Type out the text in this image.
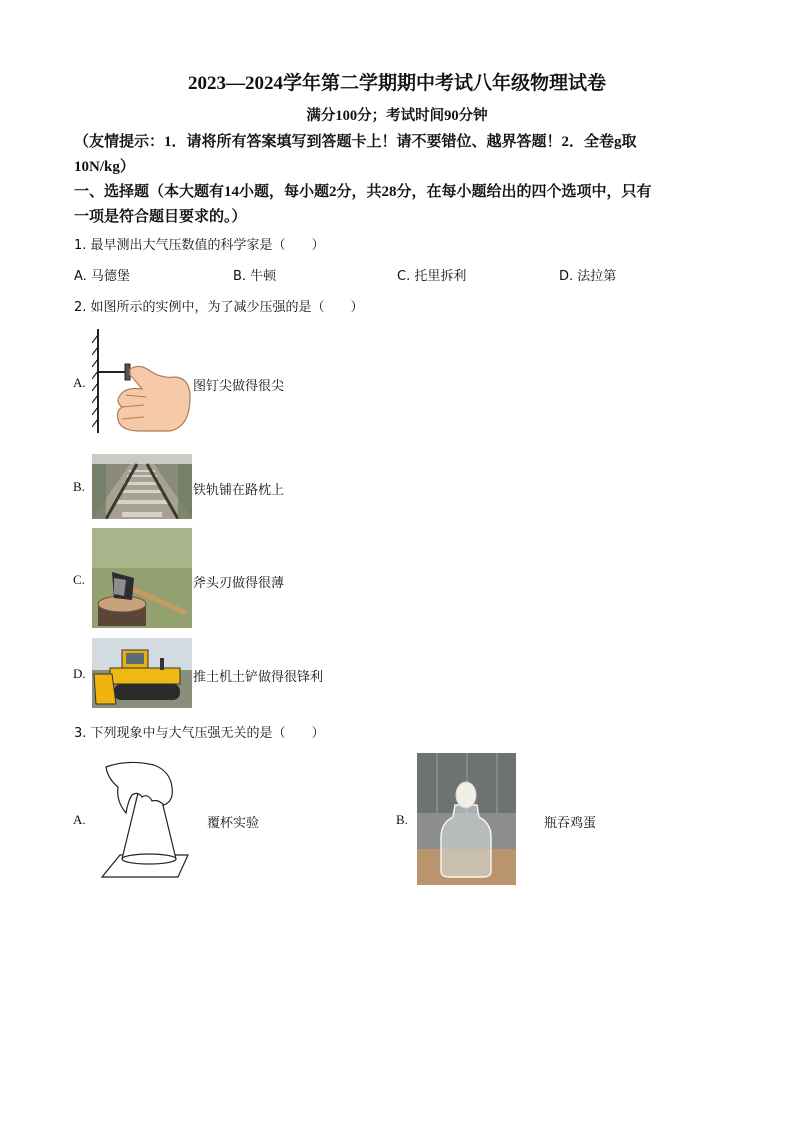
2023—2024学年第二学期期中考试八年级物理试卷
满分100分；考试时间90分钟
（友情提示：1．请将所有答案填写到答题卡上！请不要错位、越界答题！2．全卷g取
10N/kg）
一、选择题（本大题有14小题，每小题2分，共28分，在每小题给出的四个选项中，只有
一项是符合题目要求的。）
1. 最早测出大气压数值的科学家是（　　）
A. 马德堡	B. 牛顿	C. 托里拆利	D. 法拉第
2. 如图所示的实例中，为了减少压强的是（　　）
A.	图钉尖做得很尖
B.	铁轨铺在路枕上
C.	斧头刃做得很薄
D.	推土机土铲做得很锋利
3. 下列现象中与大气压强无关的是（　　）
A.	覆杯实验	B.	瓶吞鸡蛋
